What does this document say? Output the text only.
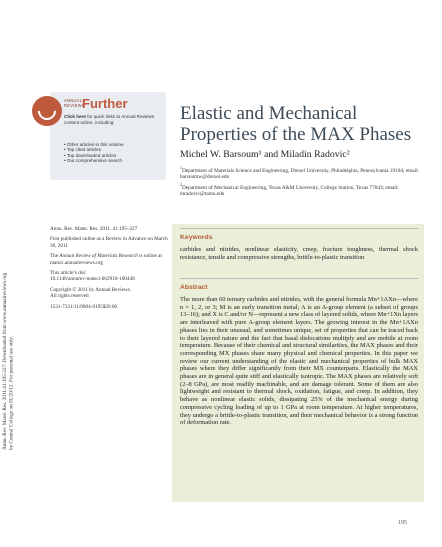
Annu. Rev. Mater. Res. 2011.41:195-227. Downloaded from www.annualreviews.org by Central College on 01/20/12. For personal use only.
ANNUAL
REVIEWS
Further
Click here for quick links to Annual Reviews content online, including:
• Other articles in this volume
• Top cited articles
• Top downloaded articles
• Our comprehensive search
Elastic and Mechanical
Properties of the MAX Phases
Michel W. Barsoum¹ and Miladin Radovic²
$^1$Department of Materials Science and Engineering, Drexel University, Philadelphia, Pennsylvania 19104; email: barsoumw@drexel.edu
$^2$Department of Mechanical Engineering, Texas A&M University, College Station, Texas 77843; email: mradovic@tamu.edu

Annu. Rev. Mater. Res. 2011. 41:195–227

First published online as a Review in Advance on March 30, 2011

The Annual Review of Materials Research is online at matsci.annualreviews.org

This article’s doi:
10.1146/annurev-matsci-062910-100448

Copyright © 2011 by Annual Reviews.
All rights reserved

1531-7331/11/0804-0195$20.00

Keywords
carbides and nitrides, nonlinear elasticity, creep, fracture toughness, thermal shock resistance, tensile and compressive strengths, brittle-to-plastic transition
Abstract
The more than 60 ternary carbides and nitrides, with the general formula Mn+1AXn—where n = 1, 2, or 3; M is an early transition metal; A is an A-group element (a subset of groups 13–16); and X is C and/or N—represent a new class of layered solids, where Mn+1Xn layers are interleaved with pure A-group element layers. The growing interest in the Mn+1AXn phases lies in their unusual, and sometimes unique, set of properties that can be traced back to their layered nature and the fact that basal dislocations multiply and are mobile at room temperature. Because of their chemical and structural similarities, the MAX phases and their corresponding MX phases share many physical and chemical properties. In this paper we review our current understanding of the elastic and mechanical properties of bulk MAX phases where they differ significantly from their MX counterparts. Elastically the MAX phases are in general quite stiff and elastically isotropic. The MAX phases are relatively soft (2–8 GPa), are most readily machinable, and are damage tolerant. Some of them are also lightweight and resistant to thermal shock, oxidation, fatigue, and creep. In addition, they behave as nonlinear elastic solids, dissipating 25% of the mechanical energy during compressive cycling loading of up to 1 GPa at room temperature. At higher temperatures, they undergo a brittle-to-plastic transition, and their mechanical behavior is a strong function of deformation rate.
195
